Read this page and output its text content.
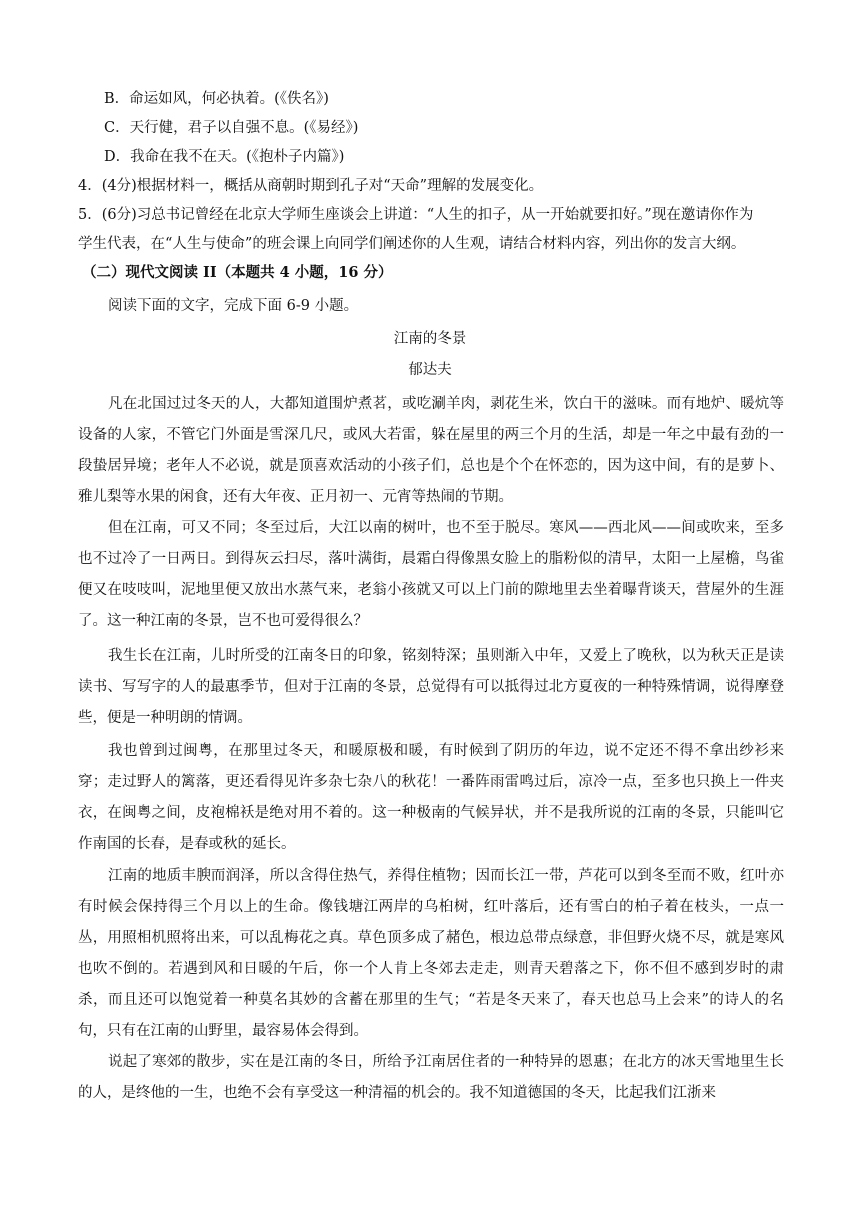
B．命运如风，何必执着。(《佚名》)
C．天行健，君子以自强不息。(《易经》)
D．我命在我不在天。(《抱朴子内篇》)
4．(4分)根据材料一，概括从商朝时期到孔子对“天命”理解的发展变化。
5．(6分)习总书记曾经在北京大学师生座谈会上讲道：“人生的扣子，从一开始就要扣好。”现在邀请你作为
学生代表，在“人生与使命”的班会课上向同学们阐述你的人生观，请结合材料内容，列出你的发言大纲。
（二）现代文阅读 II（本题共 4 小题，16 分）
阅读下面的文字，完成下面 6-9 小题。
江南的冬景
郁达夫

凡在北国过过冬天的人，大都知道围炉煮茗，或吃涮羊肉，剥花生米，饮白干的滋味。而有地炉、暖炕等设备的人家，不管它门外面是雪深几尺，或风大若雷，躲在屋里的两三个月的生活，却是一年之中最有劲的一段蛰居异境；老年人不必说，就是顶喜欢活动的小孩子们，总也是个个在怀恋的，因为这中间，有的是萝卜、雅儿梨等水果的闲食，还有大年夜、正月初一、元宵等热闹的节期。

但在江南，可又不同；冬至过后，大江以南的树叶，也不至于脱尽。寒风——西北风——间或吹来，至多也不过冷了一日两日。到得灰云扫尽，落叶满街，晨霜白得像黑女脸上的脂粉似的清早，太阳一上屋檐，鸟雀便又在吱吱叫，泥地里便又放出水蒸气来，老翁小孩就又可以上门前的隙地里去坐着曝背谈天，营屋外的生涯了。这一种江南的冬景，岂不也可爱得很么？

我生长在江南，儿时所受的江南冬日的印象，铭刻特深；虽则渐入中年，又爱上了晚秋，以为秋天正是读读书、写写字的人的最惠季节，但对于江南的冬景，总觉得有可以抵得过北方夏夜的一种特殊情调，说得摩登些，便是一种明朗的情调。

我也曾到过闽粤，在那里过冬天，和暖原极和暖，有时候到了阴历的年边，说不定还不得不拿出纱衫来穿；走过野人的篱落，更还看得见许多杂七杂八的秋花！一番阵雨雷鸣过后，凉冷一点，至多也只换上一件夹衣，在闽粤之间，皮袍棉袄是绝对用不着的。这一种极南的气候异状，并不是我所说的江南的冬景，只能叫它作南国的长春，是春或秋的延长。

江南的地质丰腴而润泽，所以含得住热气，养得住植物；因而长江一带，芦花可以到冬至而不败，红叶亦有时候会保持得三个月以上的生命。像钱塘江两岸的乌桕树，红叶落后，还有雪白的柏子着在枝头，一点一丛，用照相机照将出来，可以乱梅花之真。草色顶多成了赭色，根边总带点绿意，非但野火烧不尽，就是寒风也吹不倒的。若遇到风和日暖的午后，你一个人肯上冬郊去走走，则青天碧落之下，你不但不感到岁时的肃杀，而且还可以饱觉着一种莫名其妙的含蓄在那里的生气；“若是冬天来了，春天也总马上会来”的诗人的名句，只有在江南的山野里，最容易体会得到。

说起了寒郊的散步，实在是江南的冬日，所给予江南居住者的一种特异的恩惠；在北方的冰天雪地里生长的人，是终他的一生，也绝不会有享受这一种清福的机会的。我不知道德国的冬天，比起我们江浙来
